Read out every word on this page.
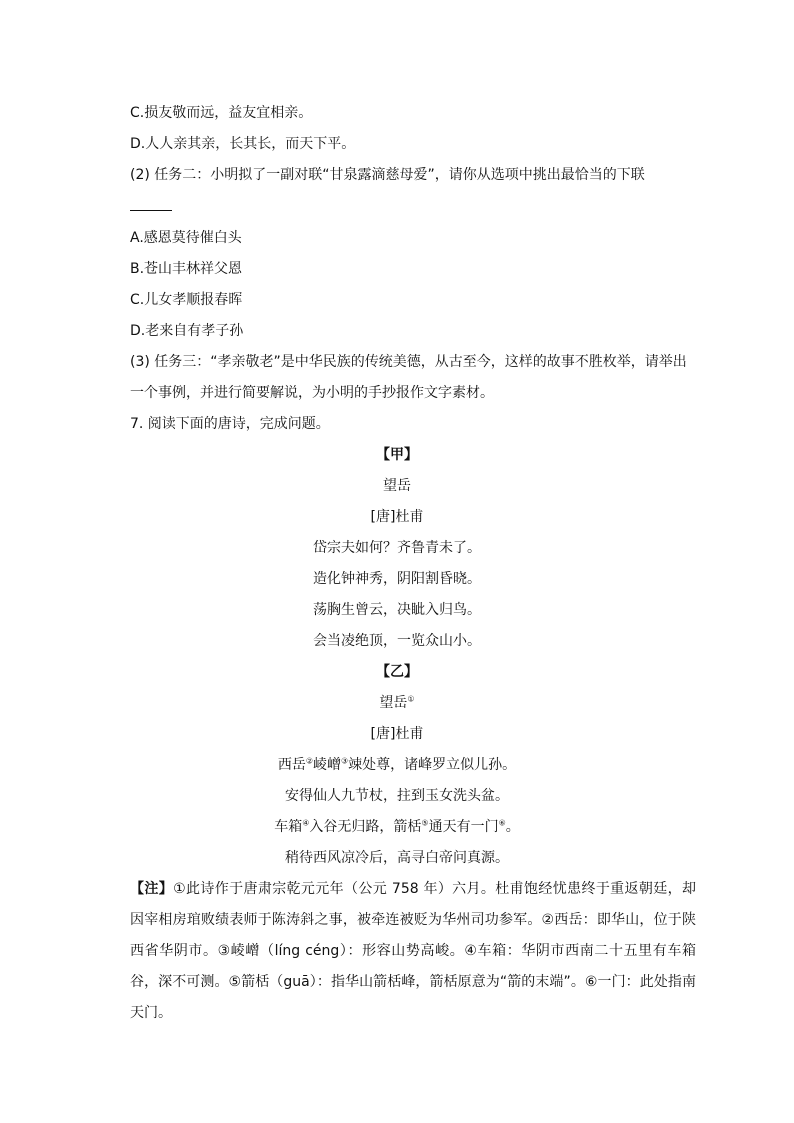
C.损友敬而远，益友宜相亲。
D.人人亲其亲，长其长，而天下平。
(2) 任务二：小明拟了一副对联“甘泉露滴慈母爱”，请你从选项中挑出最恰当的下联
A.感恩莫待催白头
B.苍山丰林祥父恩
C.儿女孝顺报春晖
D.老来自有孝子孙
(3) 任务三：“孝亲敬老”是中华民族的传统美德，从古至今，这样的故事不胜枚举，请举出
一个事例，并进行简要解说，为小明的手抄报作文字素材。
7. 阅读下面的唐诗，完成问题。
【甲】
望岳
[唐]杜甫
岱宗夫如何？齐鲁青未了。
造化钟神秀，阴阳割昏晓。
荡胸生曾云，决眦入归鸟。
会当凌绝顶，一览众山小。
【乙】
望岳①
[唐]杜甫
西岳②崚嶒③竦处尊，诸峰罗立似儿孙。
安得仙人九节杖，拄到玉女洗头盆。
车箱④入谷无归路，箭栝⑤通天有一门⑥。
稍待西风凉冷后，高寻白帝问真源。
【注】①此诗作于唐肃宗乾元元年（公元 758 年）六月。杜甫饱经忧患终于重返朝廷，却因宰相房琯败绩表师于陈涛斜之事，被牵连被贬为华州司功参军。②西岳：即华山，位于陕西省华阴市。③崚嶒（líng céng）：形容山势高峻。④车箱：华阴市西南二十五里有车箱谷，深不可测。⑤箭栝（guā）：指华山箭栝峰，箭栝原意为“箭的末端”。⑥一门：此处指南天门。
